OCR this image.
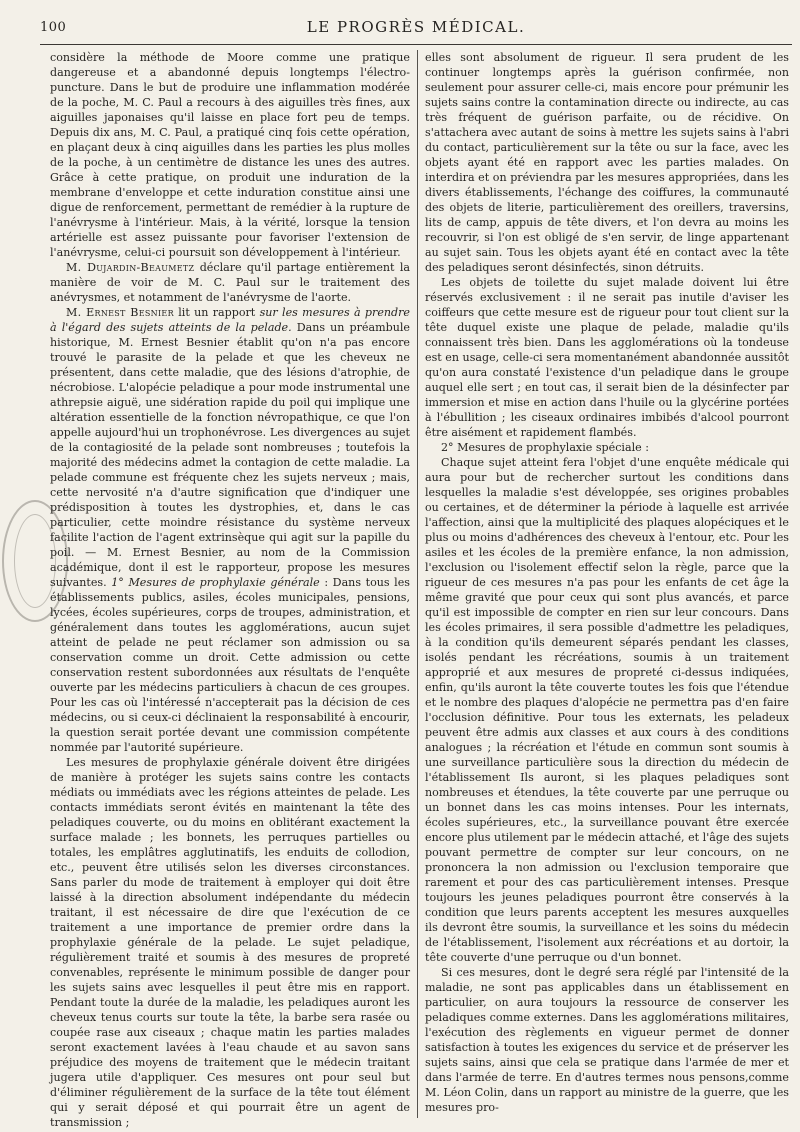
100	LE PROGRÈS MÉDICAL.

considère la méthode de Moore comme une pratique dangereuse et a abandonné depuis longtemps l'électro-puncture. Dans le but de produire une inflammation modérée de la poche, M. C. Paul a recours à des aiguilles très fines, aux aiguilles japonaises qu'il laisse en place fort peu de temps. Depuis dix ans, M. C. Paul, a pratiqué cinq fois cette opération, en plaçant deux à cinq aiguilles dans les parties les plus molles de la poche, à un centimètre de distance les unes des autres. Grâce à cette pratique, on produit une induration de la membrane d'enveloppe et cette induration constitue ainsi une digue de renforcement, permettant de remédier à la rupture de l'anévrysme à l'intérieur. Mais, à la vérité, lorsque la tension artérielle est assez puissante pour favoriser l'extension de l'anévrysme, celui-ci poursuit son développement à l'intérieur.

M. Dujardin-Beaumetz déclare qu'il partage entièrement la manière de voir de M. C. Paul sur le traitement des anévrysmes, et notamment de l'anévrysme de l'aorte.

M. Ernest Besnier lit un rapport sur les mesures à prendre à l'égard des sujets atteints de la pelade. Dans un préambule historique, M. Ernest Besnier établit qu'on n'a pas encore trouvé le parasite de la pelade et que les cheveux ne présentent, dans cette maladie, que des lésions d'atrophie, de nécrobiose. L'alopécie peladique a pour mode instrumental une athrepsie aiguë, une sidération rapide du poil qui implique une altération essentielle de la fonction névropathique, ce que l'on appelle aujourd'hui un trophonévrose. Les divergences au sujet de la contagiosité de la pelade sont nombreuses ; toutefois la majorité des médecins admet la contagion de cette maladie. La pelade commune est fréquente chez les sujets nerveux ; mais, cette nervosité n'a d'autre signification que d'indiquer une prédisposition à toutes les dystrophies, et, dans le cas particulier, cette moindre résistance du système nerveux facilite l'action de l'agent extrinsèque qui agit sur la papille du poil. — M. Ernest Besnier, au nom de la Commission académique, dont il est le rapporteur, propose les mesures suivantes. 1° Mesures de prophylaxie générale : Dans tous les établissements publics, asiles, écoles municipales, pensions, lycées, écoles supérieures, corps de troupes, administration, et généralement dans toutes les agglomérations, aucun sujet atteint de pelade ne peut réclamer son admission ou sa conservation comme un droit. Cette admission ou cette conservation restent subordonnées aux résultats de l'enquête ouverte par les médecins particuliers à chacun de ces groupes. Pour les cas où l'intéressé n'accepterait pas la décision de ces médecins, ou si ceux-ci déclinaient la responsabilité à encourir, la question serait portée devant une commission compétente nommée par l'autorité supérieure.

Les mesures de prophylaxie générale doivent être dirigées de manière à protéger les sujets sains contre les contacts médiats ou immédiats avec les régions atteintes de pelade. Les contacts immédiats seront évités en maintenant la tête des peladiques couverte, ou du moins en oblitérant exactement la surface malade ; les bonnets, les perruques partielles ou totales, les emplâtres agglutinatifs, les enduits de collodion, etc., peuvent être utilisés selon les diverses circonstances. Sans parler du mode de traitement à employer qui doit être laissé à la direction absolument indépendante du médecin traitant, il est nécessaire de dire que l'exécution de ce traitement a une importance de premier ordre dans la prophylaxie générale de la pelade. Le sujet peladique, régulièrement traité et soumis à des mesures de propreté convenables, représente le minimum possible de danger pour les sujets sains avec lesquelles il peut être mis en rapport. Pendant toute la durée de la maladie, les peladiques auront les cheveux tenus courts sur toute la tête, la barbe sera rasée ou coupée rase aux ciseaux ; chaque matin les parties malades seront exactement lavées à l'eau chaude et au savon sans préjudice des moyens de traitement que le médecin traitant jugera utile d'appliquer. Ces mesures ont pour seul but d'éliminer régulièrement de la surface de la tête tout élément qui y serait déposé et qui pourrait être un agent de transmission ;

elles sont absolument de rigueur. Il sera prudent de les continuer longtemps après la guérison confirmée, non seulement pour assurer celle-ci, mais encore pour prémunir les sujets sains contre la contamination directe ou indirecte, au cas très fréquent de guérison parfaite, ou de récidive. On s'attachera avec autant de soins à mettre les sujets sains à l'abri du contact, particulièrement sur la tête ou sur la face, avec les objets ayant été en rapport avec les parties malades. On interdira et on préviendra par les mesures appropriées, dans les divers établissements, l'échange des coiffures, la communauté des objets de literie, particulièrement des oreillers, traversins, lits de camp, appuis de tête divers, et l'on devra au moins les recouvrir, si l'on est obligé de s'en servir, de linge appartenant au sujet sain. Tous les objets ayant été en contact avec la tête des peladiques seront désinfectés, sinon détruits.

Les objets de toilette du sujet malade doivent lui être réservés exclusivement : il ne serait pas inutile d'aviser les coiffeurs que cette mesure est de rigueur pour tout client sur la tête duquel existe une plaque de pelade, maladie qu'ils connaissent très bien. Dans les agglomérations où la tondeuse est en usage, celle-ci sera momentanément abandonnée aussitôt qu'on aura constaté l'existence d'un peladique dans le groupe auquel elle sert ; en tout cas, il serait bien de la désinfecter par immersion et mise en action dans l'huile ou la glycérine portées à l'ébullition ; les ciseaux ordinaires imbibés d'alcool pourront être aisément et rapidement flambés.

2° Mesures de prophylaxie spéciale :

Chaque sujet atteint fera l'objet d'une enquête médicale qui aura pour but de rechercher surtout les conditions dans lesquelles la maladie s'est développée, ses origines probables ou certaines, et de déterminer la période à laquelle est arrivée l'affection, ainsi que la multiplicité des plaques alopéciques et le plus ou moins d'adhérences des cheveux à l'entour, etc. Pour les asiles et les écoles de la première enfance, la non admission, l'exclusion ou l'isolement effectif selon la règle, parce que la rigueur de ces mesures n'a pas pour les enfants de cet âge la même gravité que pour ceux qui sont plus avancés, et parce qu'il est impossible de compter en rien sur leur concours. Dans les écoles primaires, il sera possible d'admettre les peladiques, à la condition qu'ils demeurent séparés pendant les classes, isolés pendant les récréations, soumis à un traitement approprié et aux mesures de propreté ci-dessus indiquées, enfin, qu'ils auront la tête couverte toutes les fois que l'étendue et le nombre des plaques d'alopécie ne permettra pas d'en faire l'occlusion définitive. Pour tous les externats, les peladeux peuvent être admis aux classes et aux cours à des conditions analogues ; la récréation et l'étude en commun sont soumis à une surveillance particulière sous la direction du médecin de l'établissement Ils auront, si les plaques peladiques sont nombreuses et étendues, la tête couverte par une perruque ou un bonnet dans les cas moins intenses. Pour les internats, écoles supérieures, etc., la surveillance pouvant être exercée encore plus utilement par le médecin attaché, et l'âge des sujets pouvant permettre de compter sur leur concours, on ne prononcera la non admission ou l'exclusion temporaire que rarement et pour des cas particulièrement intenses. Presque toujours les jeunes peladiques pourront être conservés à la condition que leurs parents acceptent les mesures auxquelles ils devront être soumis, la surveillance et les soins du médecin de l'établissement, l'isolement aux récréations et au dortoir, la tête couverte d'une perruque ou d'un bonnet.

Si ces mesures, dont le degré sera réglé par l'intensité de la maladie, ne sont pas applicables dans un établissement en particulier, on aura toujours la ressource de conserver les peladiques comme externes. Dans les agglomérations militaires, l'exécution des règlements en vigueur permet de donner satisfaction à toutes les exigences du service et de préserver les sujets sains, ainsi que cela se pratique dans l'armée de mer et dans l'armée de terre. En d'autres termes nous pensons,comme M. Léon Colin, dans un rapport au ministre de la guerre, que les mesures pro-
